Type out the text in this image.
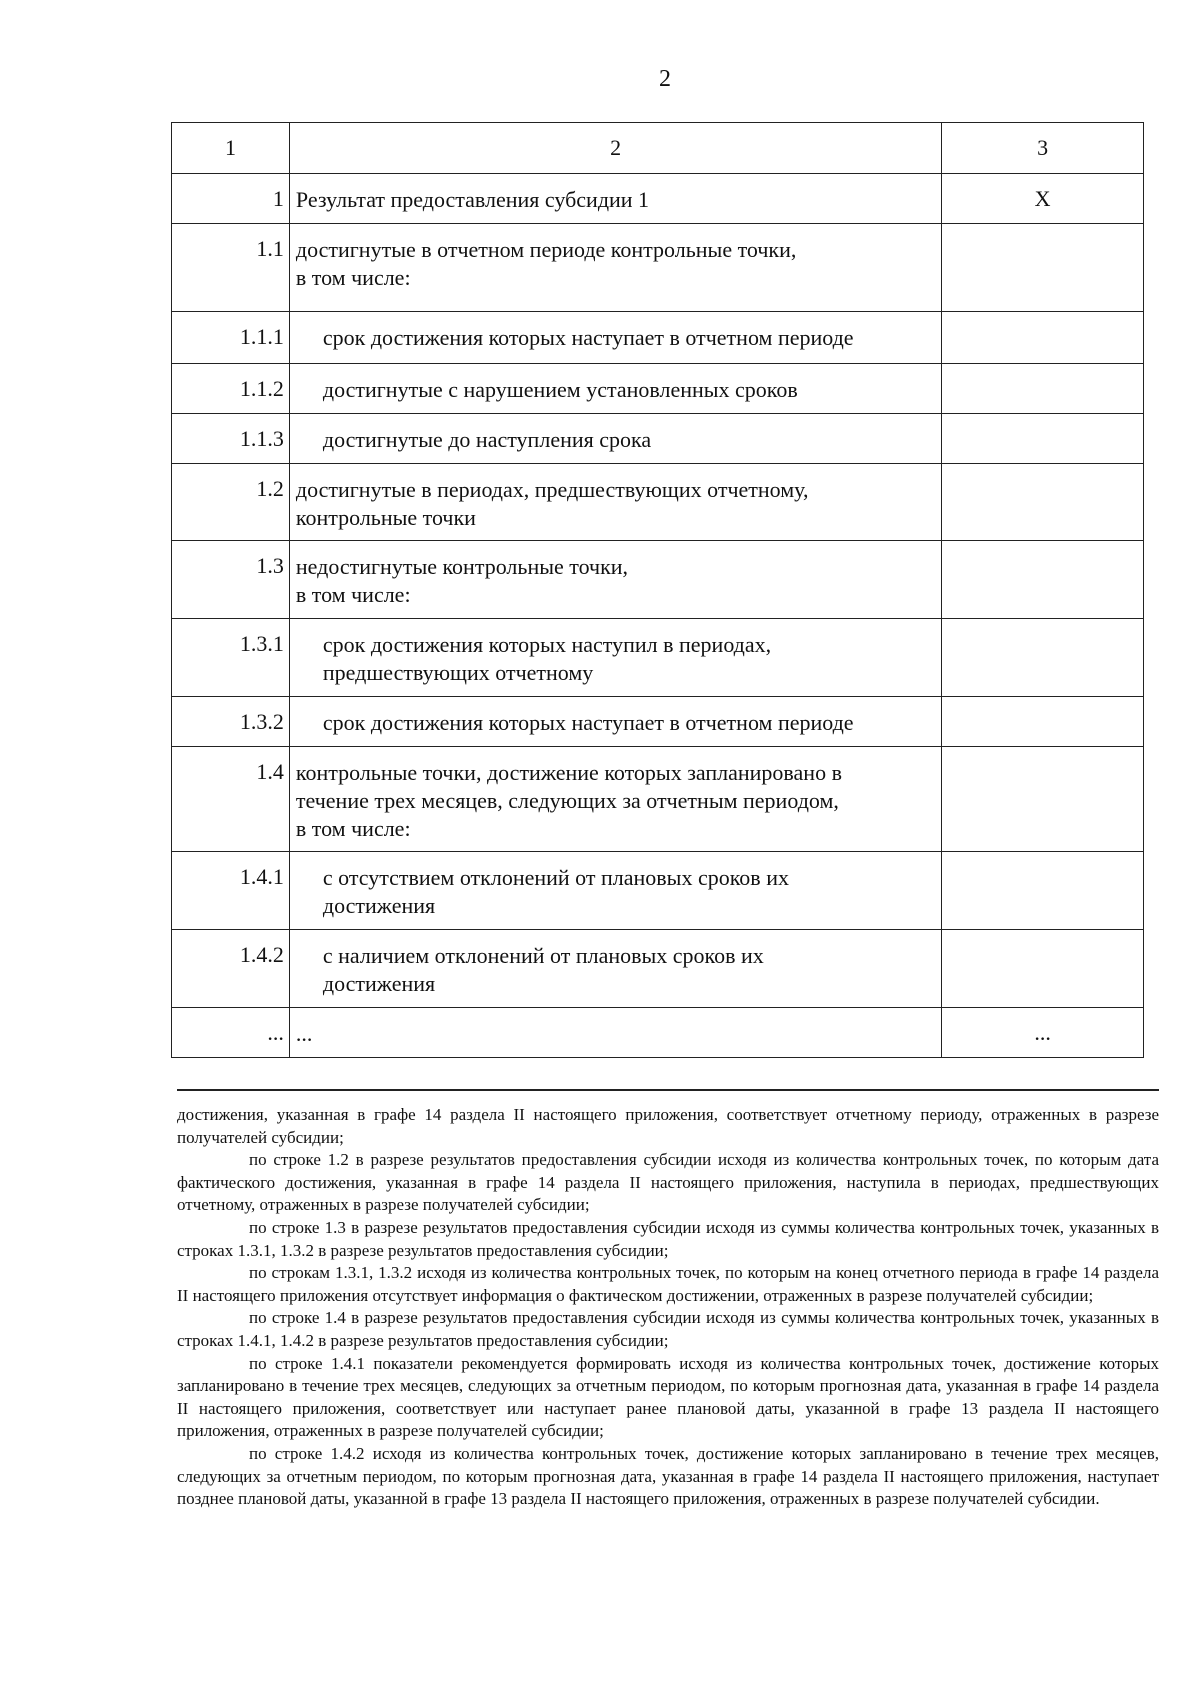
2
1	2	3
1	Результат предоставления субсидии 1	X
1.1	достигнутые в отчетном периоде контрольные точки,
в том числе:	
1.1.1	срок достижения которых наступает в отчетном периоде	
1.1.2	достигнутые с нарушением установленных сроков	
1.1.3	достигнутые до наступления срока	
1.2	достигнутые в периодах, предшествующих отчетному,
контрольные точки	
1.3	недостигнутые контрольные точки,
в том числе:	
1.3.1	срок достижения которых наступил в периодах,
предшествующих отчетному	
1.3.2	срок достижения которых наступает в отчетном периоде	
1.4	контрольные точки, достижение которых запланировано в
течение трех месяцев, следующих за отчетным периодом,
в том числе:	
1.4.1	с отсутствием отклонений от плановых сроков их
достижения	
1.4.2	с наличием отклонений от плановых сроков их
достижения	
...	...	...

достижения, указанная в графе 14 раздела II настоящего приложения, соответствует отчетному периоду, отраженных в разрезе получателей субсидии;

по строке 1.2 в разрезе результатов предоставления субсидии исходя из количества контрольных точек, по которым дата фактического достижения, указанная в графе 14 раздела II настоящего приложения, наступила в периодах, предшествующих отчетному, отраженных в разрезе получателей субсидии;

по строке 1.3 в разрезе результатов предоставления субсидии исходя из суммы количества контрольных точек, указанных в строках 1.3.1, 1.3.2 в разрезе результатов предоставления субсидии;

по строкам 1.3.1, 1.3.2 исходя из количества контрольных точек, по которым на конец отчетного периода в графе 14 раздела II настоящего приложения отсутствует информация о фактическом достижении, отраженных в разрезе получателей субсидии;

по строке 1.4 в разрезе результатов предоставления субсидии исходя из суммы количества контрольных точек, указанных в строках 1.4.1, 1.4.2 в разрезе результатов предоставления субсидии;

по строке 1.4.1 показатели рекомендуется формировать исходя из количества контрольных точек, достижение которых запланировано в течение трех месяцев, следующих за отчетным периодом, по которым прогнозная дата, указанная в графе 14 раздела II настоящего приложения, соответствует или наступает ранее плановой даты, указанной в графе 13 раздела II настоящего приложения, отраженных в разрезе получателей субсидии;

по строке 1.4.2 исходя из количества контрольных точек, достижение которых запланировано в течение трех месяцев, следующих за отчетным периодом, по которым прогнозная дата, указанная в графе 14 раздела II настоящего приложения, наступает позднее плановой даты, указанной в графе 13 раздела II настоящего приложения, отраженных в разрезе получателей субсидии.
